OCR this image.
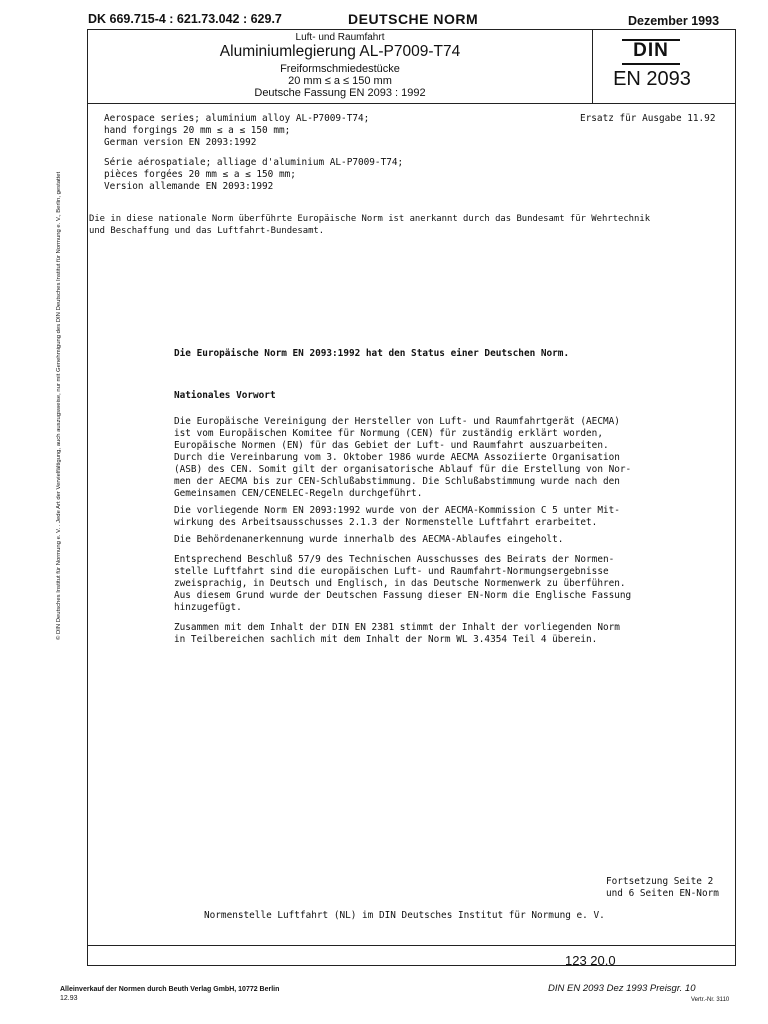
DK 669.715-4 : 621.73.042 : 629.7	DEUTSCHE NORM	Dezember 1993
Luft- und Raumfahrt
Aluminiumlegierung AL-P7009-T74
Freiformschmiedestücke
20 mm ≤ a ≤ 150 mm
Deutsche Fassung EN 2093 : 1992
DIN
EN 2093
Aerospace series; aluminium alloy AL-P7009-T74;
hand forgings 20 mm ≤ a ≤ 150 mm;
German version EN 2093:1992
Ersatz für Ausgabe 11.92
Série aérospatiale; alliage d'aluminium AL-P7009-T74;
pièces forgées 20 mm ≤ a ≤ 150 mm;
Version allemande EN 2093:1992
Die in diese nationale Norm überführte Europäische Norm ist anerkannt durch das Bundesamt für Wehrtechnik
und Beschaffung und das Luftfahrt-Bundesamt.
Die Europäische Norm EN 2093:1992 hat den Status einer Deutschen Norm.
Nationales Vorwort
Die Europäische Vereinigung der Hersteller von Luft- und Raumfahrtgerät (AECMA)
ist vom Europäischen Komitee für Normung (CEN) für zuständig erklärt worden,
Europäische Normen (EN) für das Gebiet der Luft- und Raumfahrt auszuarbeiten.
Durch die Vereinbarung vom 3. Oktober 1986 wurde AECMA Assoziierte Organisation
(ASB) des CEN. Somit gilt der organisatorische Ablauf für die Erstellung von Nor-
men der AECMA bis zur CEN-Schlußabstimmung. Die Schlußabstimmung wurde nach den
Gemeinsamen CEN/CENELEC-Regeln durchgeführt.
Die vorliegende Norm EN 2093:1992 wurde von der AECMA-Kommission C 5 unter Mit-
wirkung des Arbeitsausschusses 2.1.3 der Normenstelle Luftfahrt erarbeitet.
Die Behördenanerkennung wurde innerhalb des AECMA-Ablaufes eingeholt.
Entsprechend Beschluß 57/9 des Technischen Ausschusses des Beirats der Normen-
stelle Luftfahrt sind die europäischen Luft- und Raumfahrt-Normungsergebnisse
zweisprachig, in Deutsch und Englisch, in das Deutsche Normenwerk zu überführen.
Aus diesem Grund wurde der Deutschen Fassung dieser EN-Norm die Englische Fassung
hinzugefügt.
Zusammen mit dem Inhalt der DIN EN 2381 stimmt der Inhalt der vorliegenden Norm
in Teilbereichen sachlich mit dem Inhalt der Norm WL 3.4354 Teil 4 überein.
Fortsetzung Seite 2
und 6 Seiten EN-Norm
Normenstelle Luftfahrt (NL) im DIN Deutsches Institut für Normung e. V.
© DIN Deutsches Institut für Normung e. V. . Jede Art der Vervielfältigung, auch auszugsweise, nur mit Genehmigung des DIN Deutsches Institut für Normung e. V., Berlin, gestattet
123 20.0
Alleinverkauf der Normen durch Beuth Verlag GmbH, 10772 Berlin
12.93
DIN EN 2093 Dez 1993 Preisgr. 10
Vertr.-Nr. 3110
